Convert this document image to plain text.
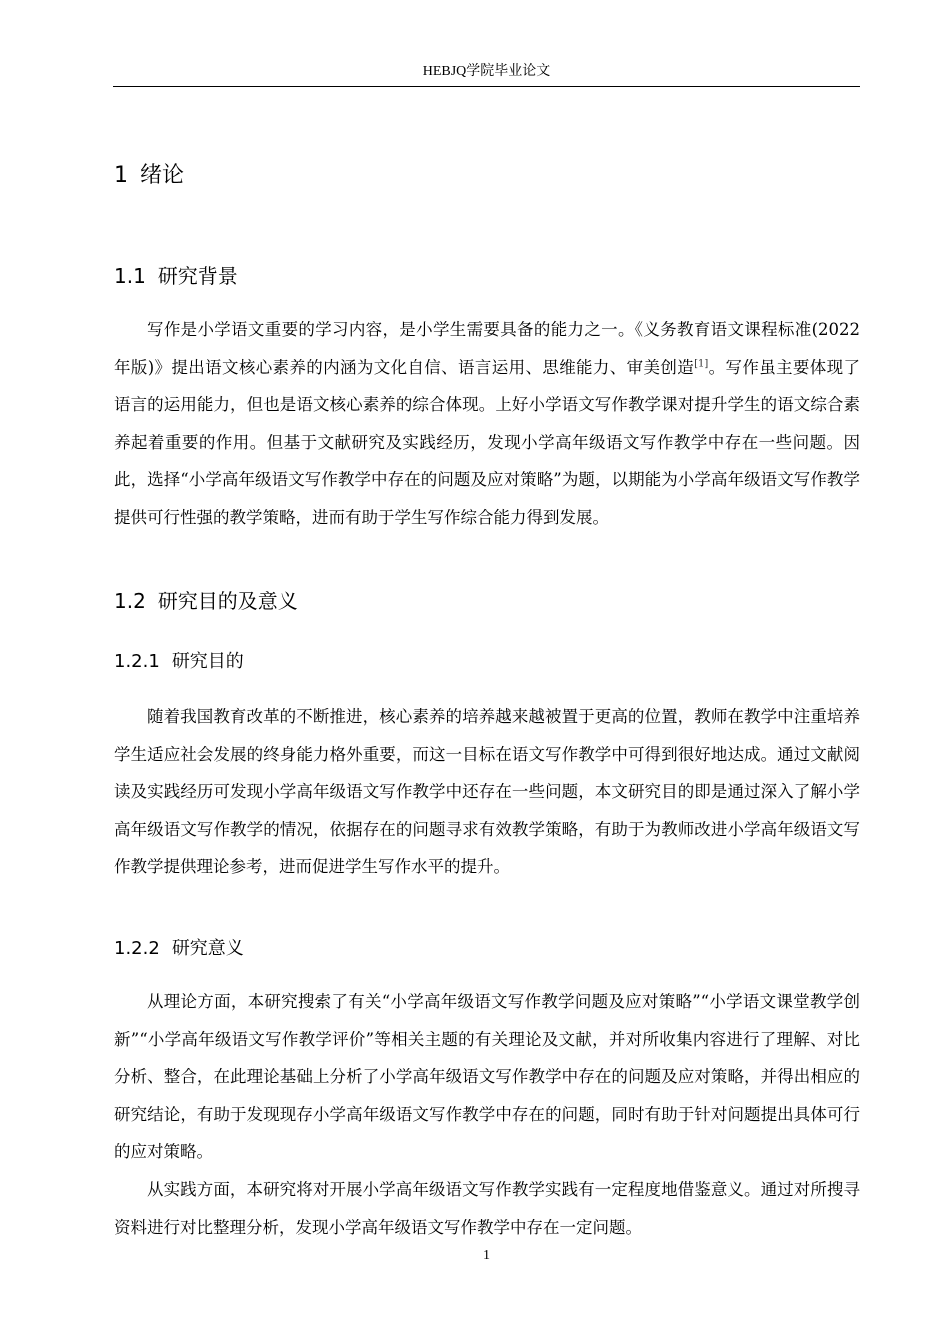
HEBJQ学院毕业论文
1 绪论
1.1 研究背景

写作是小学语文重要的学习内容，是小学生需要具备的能力之一。《义务教育语文课程标准(2022年版)》提出语文核心素养的内涵为文化自信、语言运用、思维能力、审美创造[1]。写作虽主要体现了语言的运用能力，但也是语文核心素养的综合体现。上好小学语文写作教学课对提升学生的语文综合素养起着重要的作用。但基于文献研究及实践经历，发现小学高年级语文写作教学中存在一些问题。因此，选择“小学高年级语文写作教学中存在的问题及应对策略”为题，以期能为小学高年级语文写作教学提供可行性强的教学策略，进而有助于学生写作综合能力得到发展。

1.2 研究目的及意义
1.2.1 研究目的

随着我国教育改革的不断推进，核心素养的培养越来越被置于更高的位置，教师在教学中注重培养学生适应社会发展的终身能力格外重要，而这一目标在语文写作教学中可得到很好地达成。通过文献阅读及实践经历可发现小学高年级语文写作教学中还存在一些问题，本文研究目的即是通过深入了解小学高年级语文写作教学的情况，依据存在的问题寻求有效教学策略，有助于为教师改进小学高年级语文写作教学提供理论参考，进而促进学生写作水平的提升。

1.2.2 研究意义

从理论方面，本研究搜索了有关“小学高年级语文写作教学问题及应对策略”“小学语文课堂教学创新”“小学高年级语文写作教学评价”等相关主题的有关理论及文献，并对所收集内容进行了理解、对比分析、整合，在此理论基础上分析了小学高年级语文写作教学中存在的问题及应对策略，并得出相应的研究结论，有助于发现现存小学高年级语文写作教学中存在的问题，同时有助于针对问题提出具体可行的应对策略。

从实践方面，本研究将对开展小学高年级语文写作教学实践有一定程度地借鉴意义。通过对所搜寻资料进行对比整理分析，发现小学高年级语文写作教学中存在一定问题。

1
